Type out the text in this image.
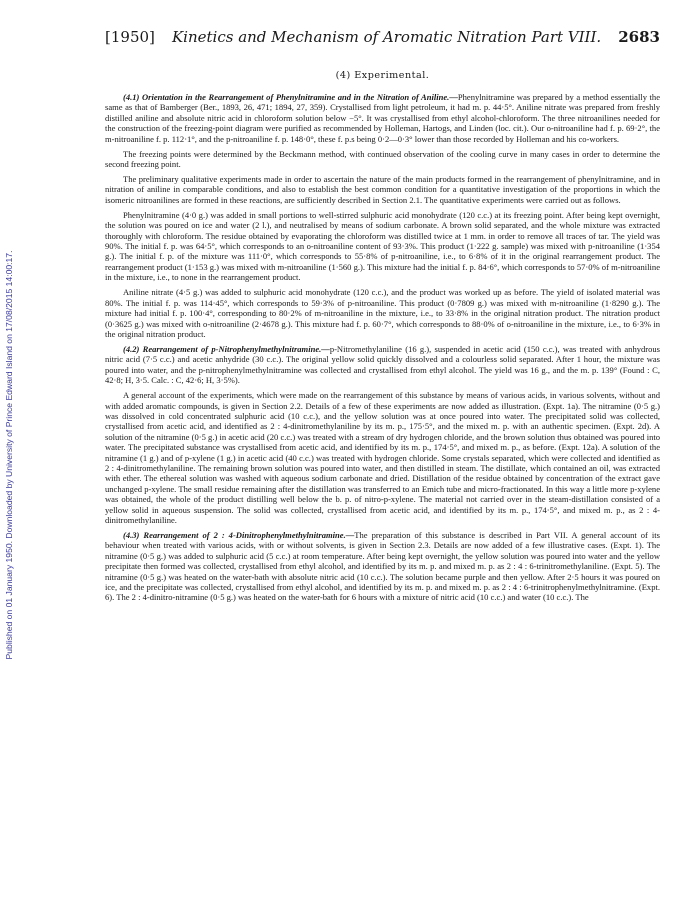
Published on 01 January 1950. Downloaded by University of Prince Edward Island on 17/08/2015 14:00:17.
[1950] Kinetics and Mechanism of Aromatic Nitration Part VIII. 2683
(4) Experimental.

(4.1) Orientation in the Rearrangement of Phenylnitramine and in the Nitration of Aniline.—Phenylnitramine was prepared by a method essentially the same as that of Bamberger (Ber., 1893, 26, 471; 1894, 27, 359). Crystallised from light petroleum, it had m. p. 44·5°. Aniline nitrate was prepared from freshly distilled aniline and absolute nitric acid in chloroform solution below −5°. It was crystallised from ethyl alcohol-chloroform. The three nitroanilines needed for the construction of the freezing-point diagram were purified as recommended by Holleman, Hartogs, and Linden (loc. cit.). Our o-nitroaniline had f. p. 69·2°, the m-nitroaniline f. p. 112·1°, and the p-nitroaniline f. p. 148·0°, these f. p.s being 0·2—0·3° lower than those recorded by Holleman and his co-workers.

The freezing points were determined by the Beckmann method, with continued observation of the cooling curve in many cases in order to determine the second freezing point.

The preliminary qualitative experiments made in order to ascertain the nature of the main products formed in the rearrangement of phenylnitramine, and in nitration of aniline in comparable conditions, and also to establish the best common condition for a quantitative investigation of the proportions in which the isomeric nitroanilines are formed in these reactions, are sufficiently described in Section 2.1. The quantitative experiments were carried out as follows.

Phenylnitramine (4·0 g.) was added in small portions to well-stirred sulphuric acid monohydrate (120 c.c.) at its freezing point. After being kept overnight, the solution was poured on ice and water (2 l.), and neutralised by means of sodium carbonate. A brown solid separated, and the whole mixture was extracted thoroughly with chloroform. The residue obtained by evaporating the chloroform was distilled twice at 1 mm. in order to remove all traces of tar. The yield was 90%. The initial f. p. was 64·5°, which corresponds to an o-nitroaniline content of 93·3%. This product (1·222 g. sample) was mixed with p-nitroaniline (1·354 g.). The initial f. p. of the mixture was 111·0°, which corresponds to 55·8% of p-nitroaniline, i.e., to 6·8% of it in the original rearrangement product. The rearrangement product (1·153 g.) was mixed with m-nitroaniline (1·560 g.). This mixture had the initial f. p. 84·6°, which corresponds to 57·0% of m-nitroaniline in the mixture, i.e., to none in the rearrangement product.

Aniline nitrate (4·5 g.) was added to sulphuric acid monohydrate (120 c.c.), and the product was worked up as before. The yield of isolated material was 80%. The initial f. p. was 114·45°, which corresponds to 59·3% of p-nitroaniline. This product (0·7809 g.) was mixed with m-nitroaniline (1·8290 g.). The mixture had initial f. p. 100·4°, corresponding to 80·2% of m-nitroaniline in the mixture, i.e., to 33·8% in the original nitration product. The nitration product (0·3625 g.) was mixed with o-nitroaniline (2·4678 g.). This mixture had f. p. 60·7°, which corresponds to 88·0% of o-nitroaniline in the mixture, i.e., to 6·3% in the original nitration product.

(4.2) Rearrangement of p-Nitrophenylmethylnitramine.—p-Nitromethylaniline (16 g.), suspended in acetic acid (150 c.c.), was treated with anhydrous nitric acid (7·5 c.c.) and acetic anhydride (30 c.c.). The original yellow solid quickly dissolved and a colourless solid separated. After 1 hour, the mixture was poured into water, and the p-nitrophenylmethylnitramine was collected and crystallised from ethyl alcohol. The yield was 16 g., and the m. p. 139° (Found : C, 42·8; H, 3·5. Calc. : C, 42·6; H, 3·5%).

A general account of the experiments, which were made on the rearrangement of this substance by means of various acids, in various solvents, without and with added aromatic compounds, is given in Section 2.2. Details of a few of these experiments are now added as illustration. (Expt. 1a). The nitramine (0·5 g.) was dissolved in cold concentrated sulphuric acid (10 c.c.), and the yellow solution was at once poured into water. The precipitated solid was collected, crystallised from acetic acid, and identified as 2 : 4-dinitromethylaniline by its m. p., 175·5°, and the mixed m. p. with an authentic specimen. (Expt. 2d). A solution of the nitramine (0·5 g.) in acetic acid (20 c.c.) was treated with a stream of dry hydrogen chloride, and the brown solution thus obtained was poured into water. The precipitated substance was crystallised from acetic acid, and identified by its m. p., 174·5°, and mixed m. p., as before. (Expt. 12a). A solution of the nitramine (1 g.) and of p-xylene (1 g.) in acetic acid (40 c.c.) was treated with hydrogen chloride. Some crystals separated, which were collected and identified as 2 : 4-dinitromethylaniline. The remaining brown solution was poured into water, and then distilled in steam. The distillate, which contained an oil, was extracted with ether. The ethereal solution was washed with aqueous sodium carbonate and dried. Distillation of the residue obtained by concentration of the extract gave unchanged p-xylene. The small residue remaining after the distillation was transferred to an Emich tube and micro-fractionated. In this way a little more p-xylene was obtained, the whole of the product distilling well below the b. p. of nitro-p-xylene. The material not carried over in the steam-distillation consisted of a yellow solid in aqueous suspension. The solid was collected, crystallised from acetic acid, and identified by its m. p., 174·5°, and mixed m. p., as 2 : 4-dinitromethylaniline.

(4.3) Rearrangement of 2 : 4-Dinitrophenylmethylnitramine.—The preparation of this substance is described in Part VII. A general account of its behaviour when treated with various acids, with or without solvents, is given in Section 2.3. Details are now added of a few illustrative cases. (Expt. 1). The nitramine (0·5 g.) was added to sulphuric acid (5 c.c.) at room temperature. After being kept overnight, the yellow solution was poured into water and the yellow precipitate then formed was collected, crystallised from ethyl alcohol, and identified by its m. p. and mixed m. p. as 2 : 4 : 6-trinitromethylaniline. (Expt. 5). The nitramine (0·5 g.) was heated on the water-bath with absolute nitric acid (10 c.c.). The solution became purple and then yellow. After 2·5 hours it was poured on ice, and the precipitate was collected, crystallised from ethyl alcohol, and identified by its m. p. and mixed m. p. as 2 : 4 : 6-trinitrophenylmethylnitramine. (Expt. 6). The 2 : 4-dinitro-nitramine (0·5 g.) was heated on the water-bath for 6 hours with a mixture of nitric acid (10 c.c.) and water (10 c.c.). The
